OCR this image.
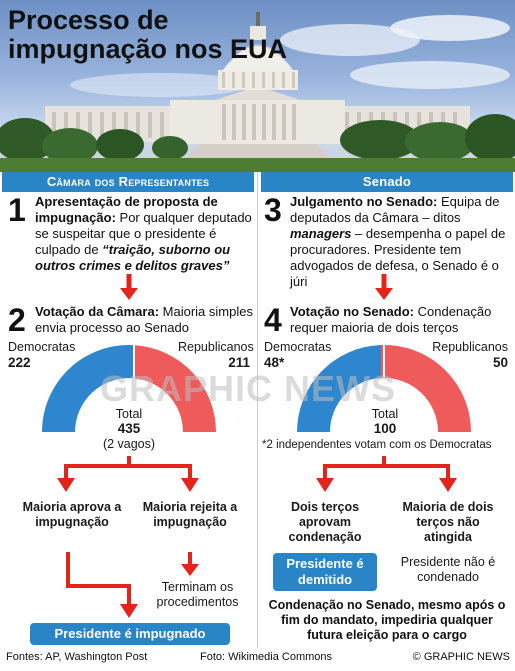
Processo de
impugnação nos EUA
Câmara dos Representantes	Senado
1 Apresentação de proposta de impugnação: Por qualquer deputado se suspeitar que o presidente é culpado de “traição, suborno ou outros crimes e delitos graves”
2 Votação da Câmara: Maioria simples envia processo ao Senado
Democratas
222
Republicanos
211
Total
435
(2 vagos)
Maioria aprova a impugnação
Maioria rejeita a impugnação
Terminam os procedimentos
Presidente é impugnado
3 Julgamento no Senado: Equipa de deputados da Câmara – ditos managers – desempenha o papel de procuradores. Presidente tem advogados de defesa, o Senado é o júri
4 Votação no Senado: Condenação requer maioria de dois terços
Democratas
48*
Republicanos
50
Total
100
*2 independentes votam com os Democratas
Dois terços aprovam condenação
Maioria de dois terços não atingida
Presidente é demitido
Presidente não é condenado
Condenação no Senado, mesmo após o fim do mandato, impediria qualquer futura eleição para o cargo
GRAPHIC NEWS
Fontes: AP, Washington Post	Foto: Wikimedia Commons	© GRAPHIC NEWS
